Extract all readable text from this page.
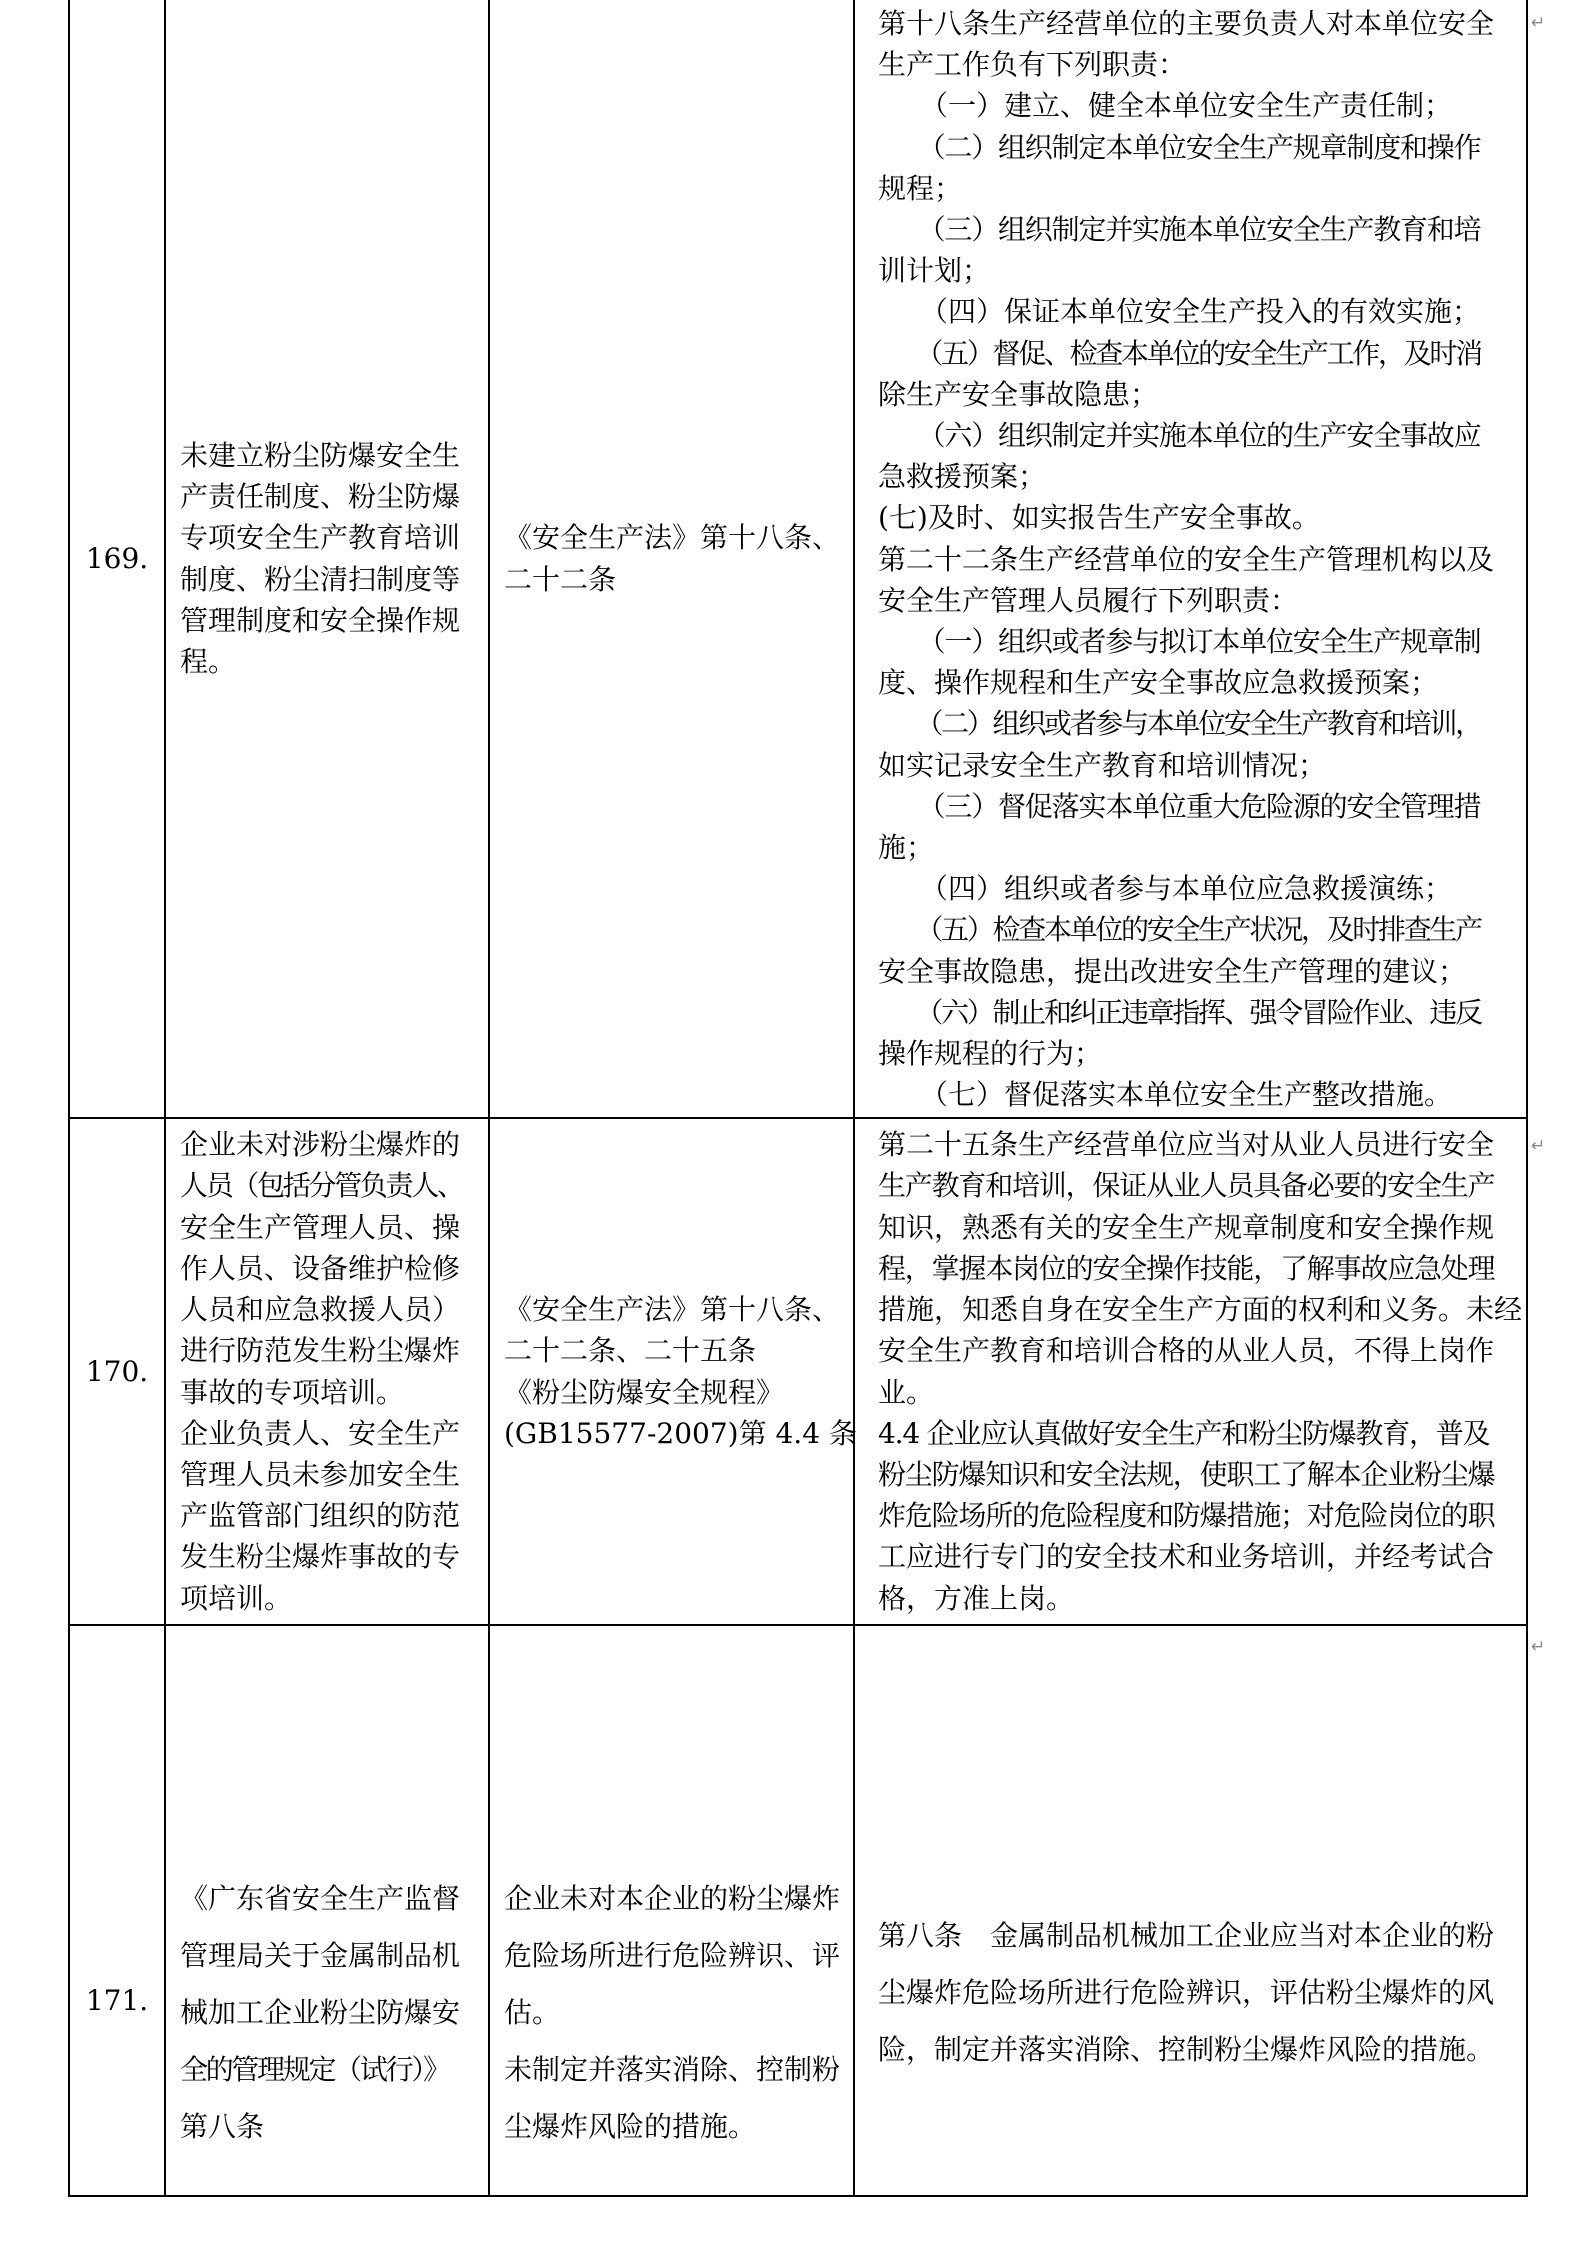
169.
未建立粉尘防爆安全生
产责任制度、粉尘防爆
专项安全生产教育培训
制度、粉尘清扫制度等
管理制度和安全操作规
程。
《安全生产法》第十八条、
二十二条
第十八条生产经营单位的主要负责人对本单位安全
生产工作负有下列职责：
　　（一）建立、健全本单位安全生产责任制；
　　（二）组织制定本单位安全生产规章制度和操作
规程；
　　（三）组织制定并实施本单位安全生产教育和培
训计划；
　　（四）保证本单位安全生产投入的有效实施；
　　（五）督促、检查本单位的安全生产工作，及时消
除生产安全事故隐患；
　　（六）组织制定并实施本单位的生产安全事故应
急救援预案；
(七)及时、如实报告生产安全事故。
第二十二条生产经营单位的安全生产管理机构以及
安全生产管理人员履行下列职责：
　　（一）组织或者参与拟订本单位安全生产规章制
度、操作规程和生产安全事故应急救援预案；
　　（二）组织或者参与本单位安全生产教育和培训，
如实记录安全生产教育和培训情况；
　　（三）督促落实本单位重大危险源的安全管理措
施；
　　（四）组织或者参与本单位应急救援演练；
　　（五）检查本单位的安全生产状况，及时排查生产
安全事故隐患，提出改进安全生产管理的建议；
　　（六）制止和纠正违章指挥、强令冒险作业、违反
操作规程的行为；
　　（七）督促落实本单位安全生产整改措施。
170.
企业未对涉粉尘爆炸的
人员（包括分管负责人、
安全生产管理人员、操
作人员、设备维护检修
人员和应急救援人员）
进行防范发生粉尘爆炸
事故的专项培训。
企业负责人、安全生产
管理人员未参加安全生
产监管部门组织的防范
发生粉尘爆炸事故的专
项培训。
《安全生产法》第十八条、
二十二条、二十五条
《粉尘防爆安全规程》
(GB15577-2007)第 4.4 条
第二十五条生产经营单位应当对从业人员进行安全
生产教育和培训，保证从业人员具备必要的安全生产
知识，熟悉有关的安全生产规章制度和安全操作规
程，掌握本岗位的安全操作技能，了解事故应急处理
措施，知悉自身在安全生产方面的权利和义务。未经
安全生产教育和培训合格的从业人员，不得上岗作
业。
4.4 企业应认真做好安全生产和粉尘防爆教育，普及
粉尘防爆知识和安全法规，使职工了解本企业粉尘爆
炸危险场所的危险程度和防爆措施；对危险岗位的职
工应进行专门的安全技术和业务培训，并经考试合
格，方准上岗。
171.
《广东省安全生产监督
管理局关于金属制品机
械加工企业粉尘防爆安
全的管理规定（试行）》
第八条
企业未对本企业的粉尘爆炸
危险场所进行危险辨识、评
估。
未制定并落实消除、控制粉
尘爆炸风险的措施。
第八条　金属制品机械加工企业应当对本企业的粉
尘爆炸危险场所进行危险辨识，评估粉尘爆炸的风
险，制定并落实消除、控制粉尘爆炸风险的措施。
↵
↵
↵
